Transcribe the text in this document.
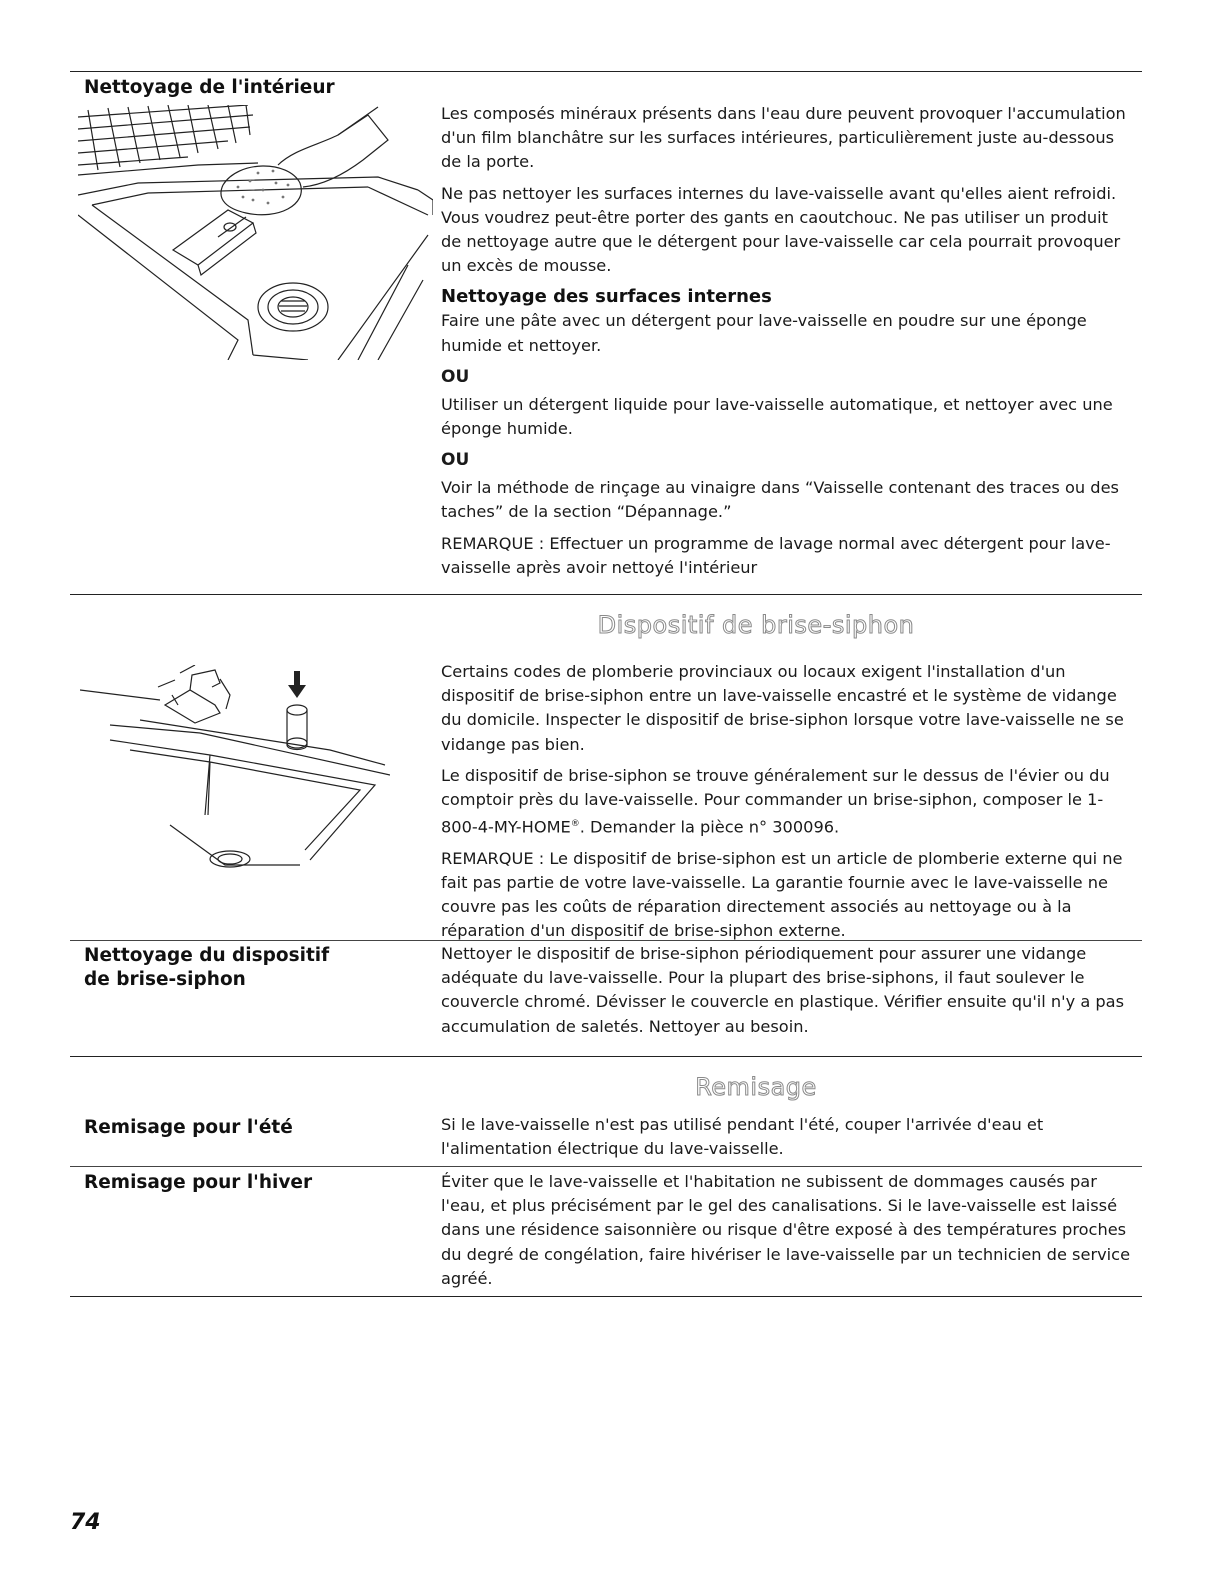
Nettoyage de l'intérieur

Les composés minéraux présents dans l'eau dure peuvent provoquer l'accumulation d'un film blanchâtre sur les surfaces intérieures, particulièrement juste au-dessous de la porte.

Ne pas nettoyer les surfaces internes du lave-vaisselle avant qu'elles aient refroidi. Vous voudrez peut-être porter des gants en caoutchouc. Ne pas utiliser un produit de nettoyage autre que le détergent pour lave-vaisselle car cela pourrait provoquer un excès de mousse.

Nettoyage des surfaces internes

Faire une pâte avec un détergent pour lave-vaisselle en poudre sur une éponge humide et nettoyer.

OU

Utiliser un détergent liquide pour lave-vaisselle automatique, et nettoyer avec une éponge humide.

OU

Voir la méthode de rinçage au vinaigre dans “Vaisselle contenant des traces ou des taches” de la section “Dépannage.”

REMARQUE : Effectuer un programme de lavage normal avec détergent pour lave-vaisselle après avoir nettoyé l'intérieur

Dispositif de brise-siphon

Certains codes de plomberie provinciaux ou locaux exigent l'installation d'un dispositif de brise-siphon entre un lave-vaisselle encastré et le système de vidange du domicile. Inspecter le dispositif de brise-siphon lorsque votre lave-vaisselle ne se vidange pas bien.

Le dispositif de brise-siphon se trouve généralement sur le dessus de l'évier ou du comptoir près du lave-vaisselle. Pour commander un brise-siphon, composer le 1-800-4-MY-HOME®. Demander la pièce n° 300096.

REMARQUE : Le dispositif de brise-siphon est un article de plomberie externe qui ne fait pas partie de votre lave-vaisselle. La garantie fournie avec le lave-vaisselle ne couvre pas les coûts de réparation directement associés au nettoyage ou à la réparation d'un dispositif de brise-siphon externe.

Nettoyage du dispositif de brise-siphon

Nettoyer le dispositif de brise-siphon périodiquement pour assurer une vidange adéquate du lave-vaisselle. Pour la plupart des brise-siphons, il faut soulever le couvercle chromé. Dévisser le couvercle en plastique. Vérifier ensuite qu'il n'y a pas accumulation de saletés. Nettoyer au besoin.

Remisage
Remisage pour l'été	Si le lave-vaisselle n'est pas utilisé pendant l'été, couper l'arrivée d'eau et l'alimentation électrique du lave-vaisselle.

Remisage pour l'hiver	Éviter que le lave-vaisselle et l'habitation ne subissent de dommages causés par l'eau, et plus précisément par le gel des canalisations. Si le lave-vaisselle est laissé dans une résidence saisonnière ou risque d'être exposé à des températures proches du degré de congélation, faire hivériser le lave-vaisselle par un technicien de service agréé.

74
